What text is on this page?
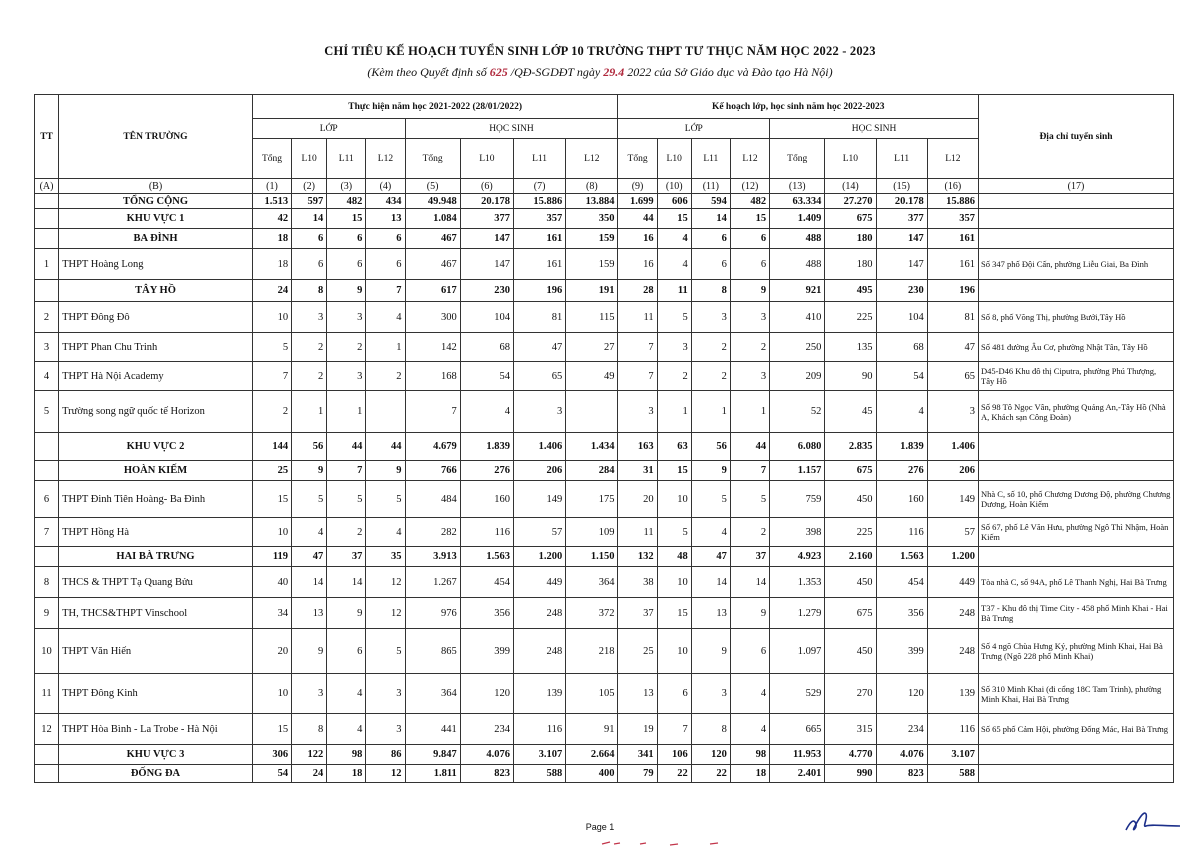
CHỈ TIÊU KẾ HOẠCH TUYỂN SINH LỚP 10 TRƯỜNG THPT TƯ THỤC NĂM HỌC 2022 - 2023
(Kèm theo Quyết định số 625 /QĐ-SGDĐT ngày 29.4 2022 của Sở Giáo dục và Đào tạo Hà Nội)
TT	TÊN TRƯỜNG	Thực hiện năm học 2021-2022 (28/01/2022)								Kế hoạch lớp, học sinh năm học 2022-2023								Địa chỉ tuyển sinh
		LỚP				HỌC SINH				LỚP				HỌC SINH				
		Tổng	L10	L11	L12	Tổng	L10	L11	L12	Tổng	L10	L11	L12	Tổng	L10	L11	L12	
(A)	(B)	(1)	(2)	(3)	(4)	(5)	(6)	(7)	(8)	(9)	(10)	(11)	(12)	(13)	(14)	(15)	(16)	(17)
	TỔNG CỘNG	1.513	597	482	434	49.948	20.178	15.886	13.884	1.699	606	594	482	63.334	27.270	20.178	15.886	
	KHU VỰC 1	42	14	15	13	1.084	377	357	350	44	15	14	15	1.409	675	377	357	
	BA ĐÌNH	18	6	6	6	467	147	161	159	16	4	6	6	488	180	147	161	
1	THPT Hoàng Long	18	6	6	6	467	147	161	159	16	4	6	6	488	180	147	161	Số 347 phố Đội Cấn, phường Liễu Giai, Ba Đình
	TÂY HỒ	24	8	9	7	617	230	196	191	28	11	8	9	921	495	230	196	
2	THPT Đông Đô	10	3	3	4	300	104	81	115	11	5	3	3	410	225	104	81	Số 8, phố Võng Thị, phường Bưởi,Tây Hồ
3	THPT Phan Chu Trinh	5	2	2	1	142	68	47	27	7	3	2	2	250	135	68	47	Số 481 đường Âu Cơ, phường Nhật Tân, Tây Hồ
4	THPT Hà Nội Academy	7	2	3	2	168	54	65	49	7	2	2	3	209	90	54	65	D45-D46 Khu đô thị Ciputra, phường Phú Thượng, Tây Hồ
5	Trường song ngữ quốc tế Horizon	2	1	1		7	4	3		3	1	1	1	52	45	4	3	Số 98 Tô Ngọc Vân, phường Quảng An,-Tây Hồ (Nhà A, Khách sạn Công Đoàn)
	KHU VỰC 2	144	56	44	44	4.679	1.839	1.406	1.434	163	63	56	44	6.080	2.835	1.839	1.406	
	HOÀN KIẾM	25	9	7	9	766	276	206	284	31	15	9	7	1.157	675	276	206	
6	THPT Đinh Tiên Hoàng- Ba Đình	15	5	5	5	484	160	149	175	20	10	5	5	759	450	160	149	Nhà C, số 10, phố Chương Dương Độ, phường Chương Dương, Hoàn Kiếm
7	THPT Hồng Hà	10	4	2	4	282	116	57	109	11	5	4	2	398	225	116	57	Số 67, phố Lê Văn Hưu, phường Ngô Thì Nhậm, Hoàn Kiếm
	HAI BÀ TRƯNG	119	47	37	35	3.913	1.563	1.200	1.150	132	48	47	37	4.923	2.160	1.563	1.200	
8	THCS & THPT Tạ Quang Bửu	40	14	14	12	1.267	454	449	364	38	10	14	14	1.353	450	454	449	Tòa nhà C, số 94A, phố Lê Thanh Nghị, Hai Bà Trưng
9	TH, THCS&THPT Vinschool	34	13	9	12	976	356	248	372	37	15	13	9	1.279	675	356	248	T37 - Khu đô thị Time City - 458 phố Minh Khai - Hai Bà Trưng
10	THPT Văn Hiến	20	9	6	5	865	399	248	218	25	10	9	6	1.097	450	399	248	Số 4 ngõ Chùa Hưng Ký, phường Minh Khai, Hai Bà Trưng (Ngõ 228 phố Minh Khai)
11	THPT Đông Kinh	10	3	4	3	364	120	139	105	13	6	3	4	529	270	120	139	Số 310 Minh Khai (đi cổng 18C Tam Trinh), phường Minh Khai, Hai Bà Trưng
12	THPT Hòa Bình - La Trobe - Hà Nội	15	8	4	3	441	234	116	91	19	7	8	4	665	315	234	116	Số 65 phố Cảm Hội, phường Đống Mác, Hai Bà Trưng
	KHU VỰC 3	306	122	98	86	9.847	4.076	3.107	2.664	341	106	120	98	11.953	4.770	4.076	3.107	
	ĐỐNG ĐA	54	24	18	12	1.811	823	588	400	79	22	22	18	2.401	990	823	588	
Page 1
